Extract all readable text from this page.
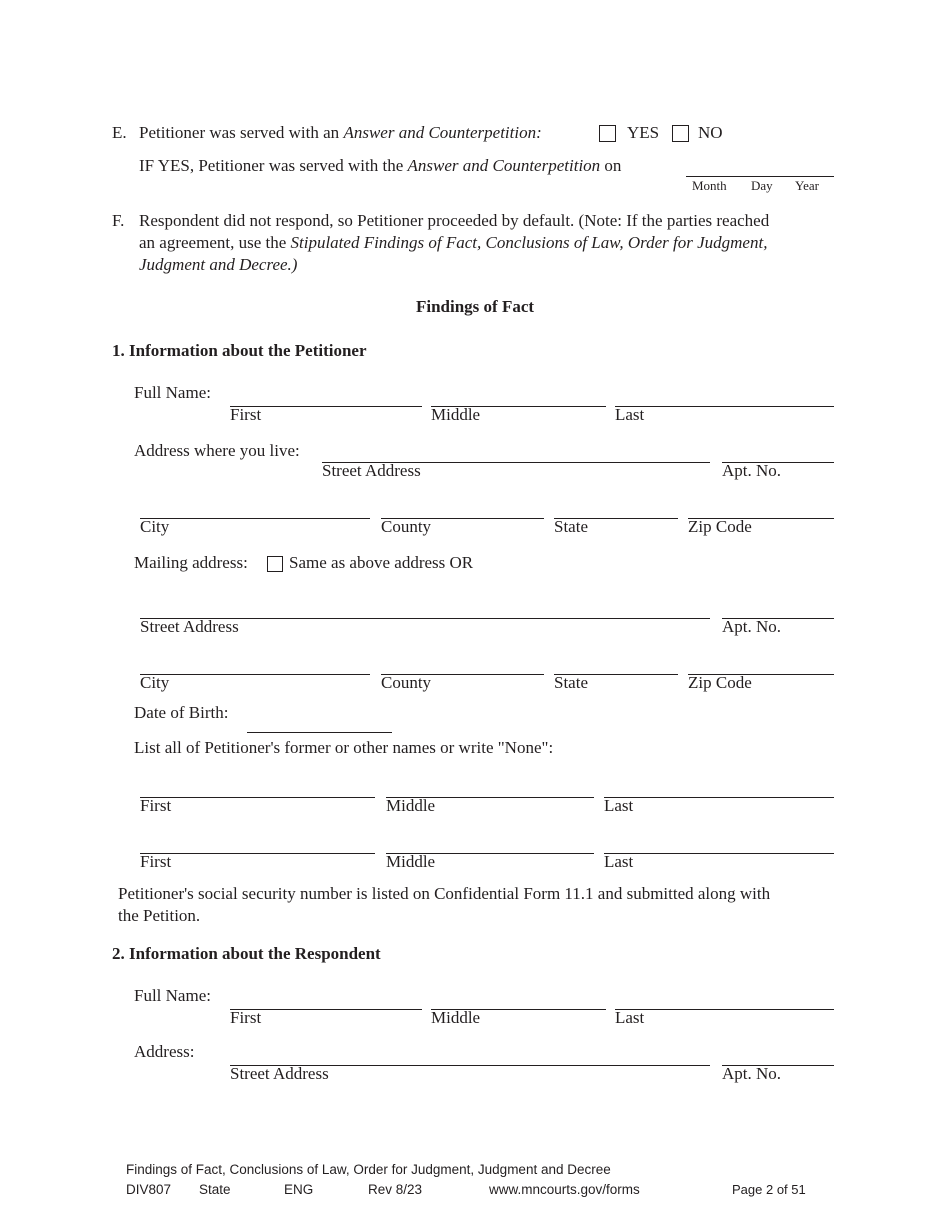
E. Petitioner was served with an Answer and Counterpetition:	YES NO
IF YES, Petitioner was served with the Answer and Counterpetition on
Month Day Year
F. Respondent did not respond, so Petitioner proceeded by default. (Note: If the parties reached
an agreement, use the Stipulated Findings of Fact, Conclusions of Law, Order for Judgment,
Judgment and Decree.)
Findings of Fact
1. Information about the Petitioner
Full Name:
First	Middle	Last
Address where you live:
Street Address	Apt. No.
City	County	State	Zip Code
Mailing address: Same as above address OR
Street Address	Apt. No.
City	County	State	Zip Code
Date of Birth:
List all of Petitioner's former or other names or write "None":
First	Middle	Last
First	Middle	Last
Petitioner's social security number is listed on Confidential Form 11.1 and submitted along with
the Petition.
2. Information about the Respondent
Full Name:
First	Middle	Last
Address:
Street Address	Apt. No.
Findings of Fact, Conclusions of Law, Order for Judgment, Judgment and Decree
DIV807 State	ENG	Rev 8/23	www.mncourts.gov/forms	Page 2 of 51
